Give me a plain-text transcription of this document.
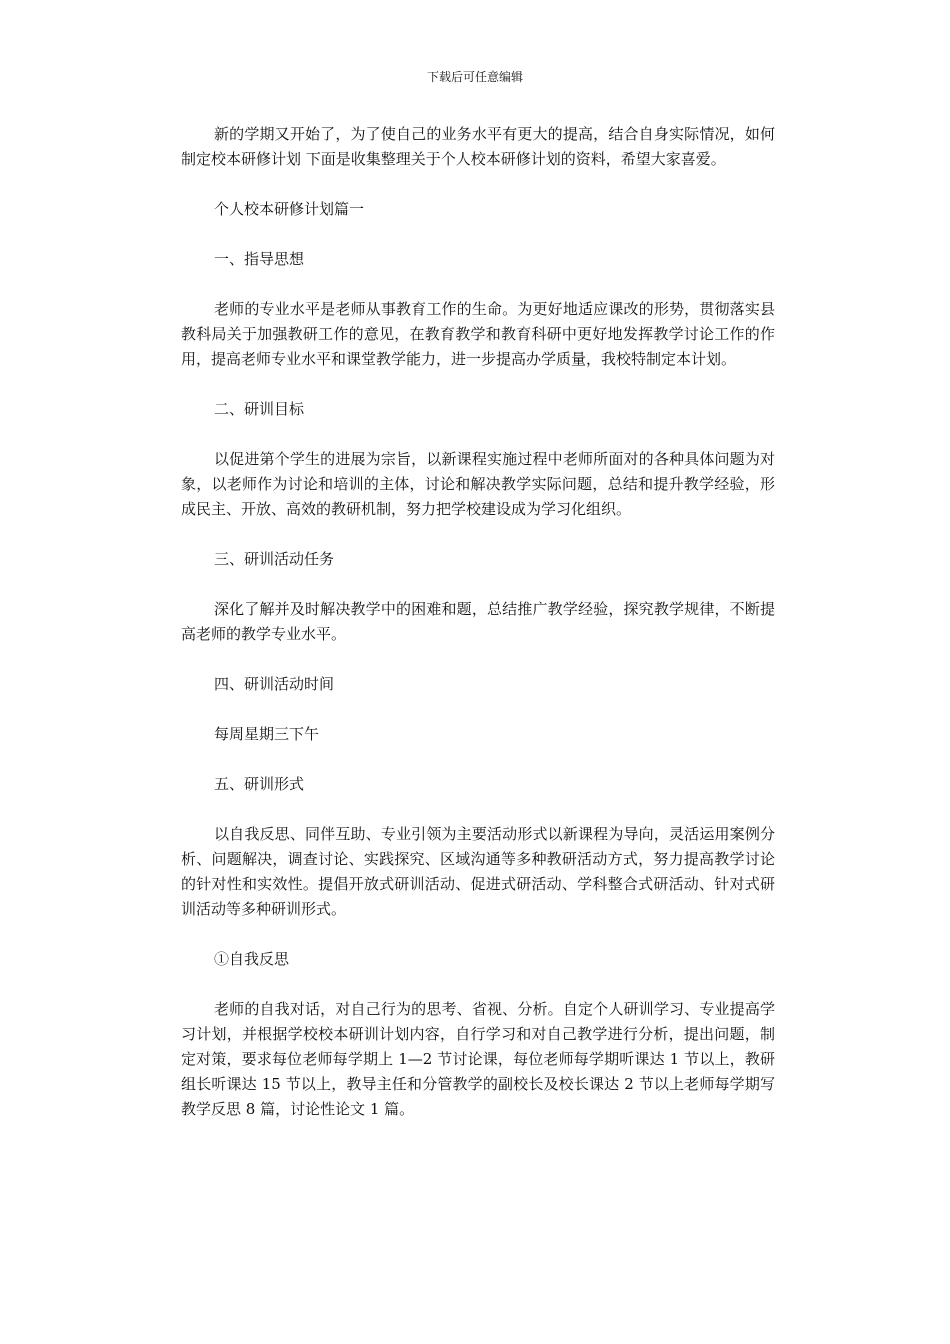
下载后可任意编辑

新的学期又开始了，为了使自己的业务水平有更大的提高，结合自身实际情况，如何制定校本研修计划 下面是收集整理关于个人校本研修计划的资料，希望大家喜爱。

个人校本研修计划篇一

一、指导思想

老师的专业水平是老师从事教育工作的生命。为更好地适应课改的形势，贯彻落实县教科局关于加强教研工作的意见，在教育教学和教育科研中更好地发挥教学讨论工作的作用，提高老师专业水平和课堂教学能力，进一步提高办学质量，我校特制定本计划。

二、研训目标

以促进第个学生的进展为宗旨，以新课程实施过程中老师所面对的各种具体问题为对象，以老师作为讨论和培训的主体，讨论和解决教学实际问题，总结和提升教学经验，形成民主、开放、高效的教研机制，努力把学校建设成为学习化组织。

三、研训活动任务

深化了解并及时解决教学中的困难和题，总结推广教学经验，探究教学规律，不断提高老师的教学专业水平。

四、研训活动时间

每周星期三下午

五、研训形式

以自我反思、同伴互助、专业引领为主要活动形式以新课程为导向，灵活运用案例分析、问题解决，调查讨论、实践探究、区域沟通等多种教研活动方式，努力提高教学讨论的针对性和实效性。提倡开放式研训活动、促进式研活动、学科整合式研活动、针对式研训活动等多种研训形式。

①自我反思

老师的自我对话，对自己行为的思考、省视、分析。自定个人研训学习、专业提高学习计划，并根据学校校本研训计划内容，自行学习和对自己教学进行分析，提出问题，制定对策，要求每位老师每学期上 1—2 节讨论课，每位老师每学期听课达 1 节以上，教研组长听课达 15 节以上，教导主任和分管教学的副校长及校长课达 2 节以上老师每学期写教学反思 8 篇，讨论性论文 1 篇。
